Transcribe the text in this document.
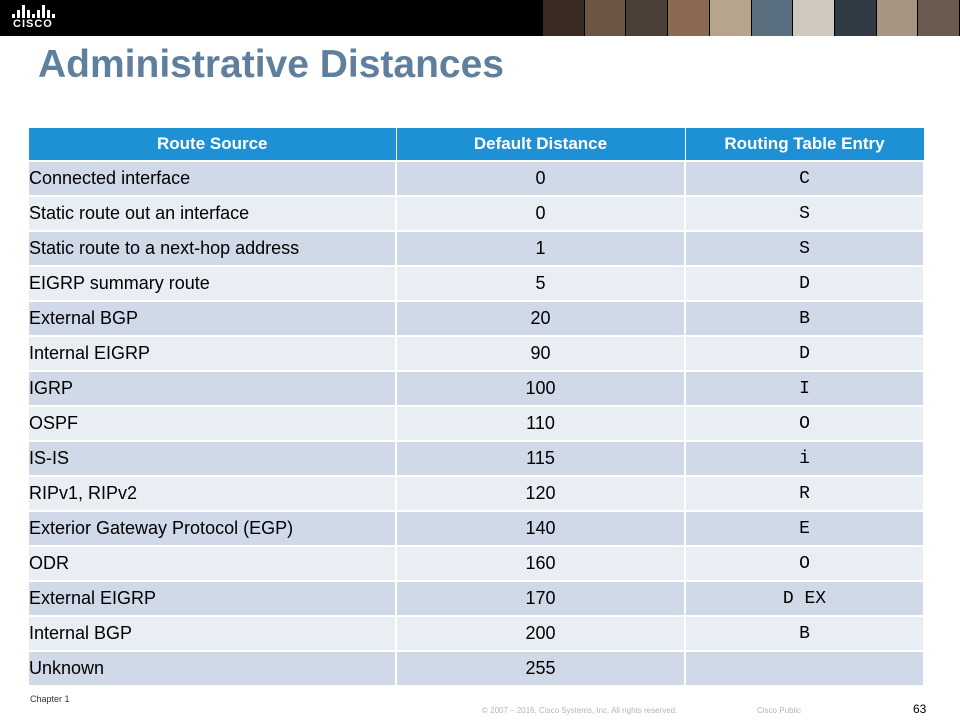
CISCO
Administrative Distances
Route Source	Default Distance	Routing Table Entry
Connected interface	0	C
Static route out an interface	0	S
Static route to a next-hop address	1	S
EIGRP summary route	5	D
External BGP	20	B
Internal EIGRP	90	D
IGRP	100	I
OSPF	110	O
IS-IS	115	i
RIPv1, RIPv2	120	R
Exterior Gateway Protocol (EGP)	140	E
ODR	160	O
External EIGRP	170	D EX
Internal BGP	200	B
Unknown	255	
Chapter 1
© 2007 – 2016, Cisco Systems, Inc. All rights reserved.	Cisco Public	63
